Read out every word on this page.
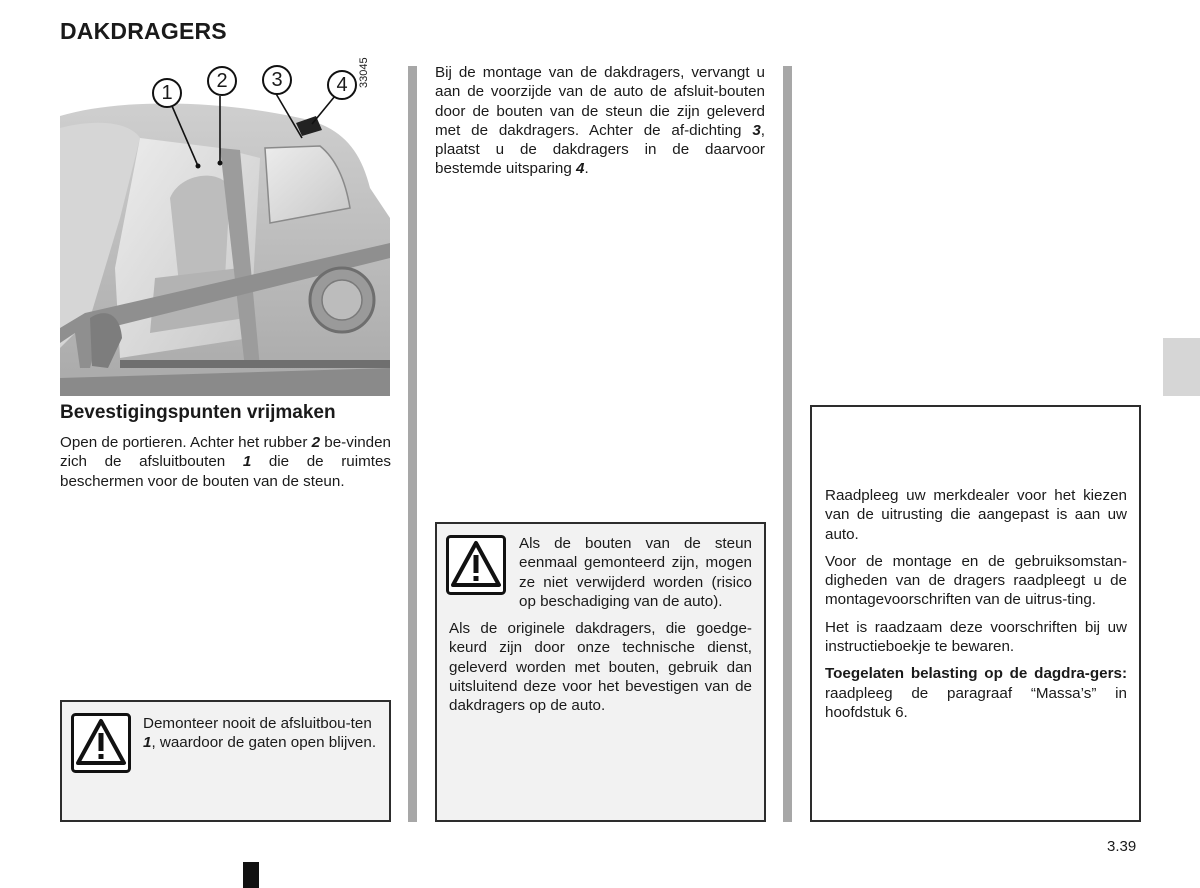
DAKDRAGERS
1
2	3	4 33045
Bevestigingspunten vrijmaken

Open de portieren. Achter het rubber 2 be-vinden zich de afsluitbouten 1 die de ruimtes beschermen voor de bouten van de steun.

Demonteer nooit de afsluitbou-ten 1, waardoor de gaten open blijven.

Bij de montage van de dakdragers, vervangt u aan de voorzijde van de auto de afsluit-bouten door de bouten van de steun die zijn geleverd met de dakdragers. Achter de af-dichting 3, plaatst u de dakdragers in de daarvoor bestemde uitsparing 4.

Als de bouten van de steun eenmaal gemonteerd zijn, mogen ze niet verwijderd worden (risico op beschadiging van de auto).

Als de originele dakdragers, die goedge-keurd zijn door onze technische dienst, geleverd worden met bouten, gebruik dan uitsluitend deze voor het bevestigen van de dakdragers op de auto.

Raadpleeg uw merkdealer voor het kiezen van de uitrusting die aangepast is aan uw auto.

Voor de montage en de gebruiksomstan-digheden van de dragers raadpleegt u de montagevoorschriften van de uitrus-ting.

Het is raadzaam deze voorschriften bij uw instructieboekje te bewaren.

Toegelaten belasting op de dagdra-gers: raadpleeg de paragraaf “Massa’s” in hoofdstuk 6.

3.39
